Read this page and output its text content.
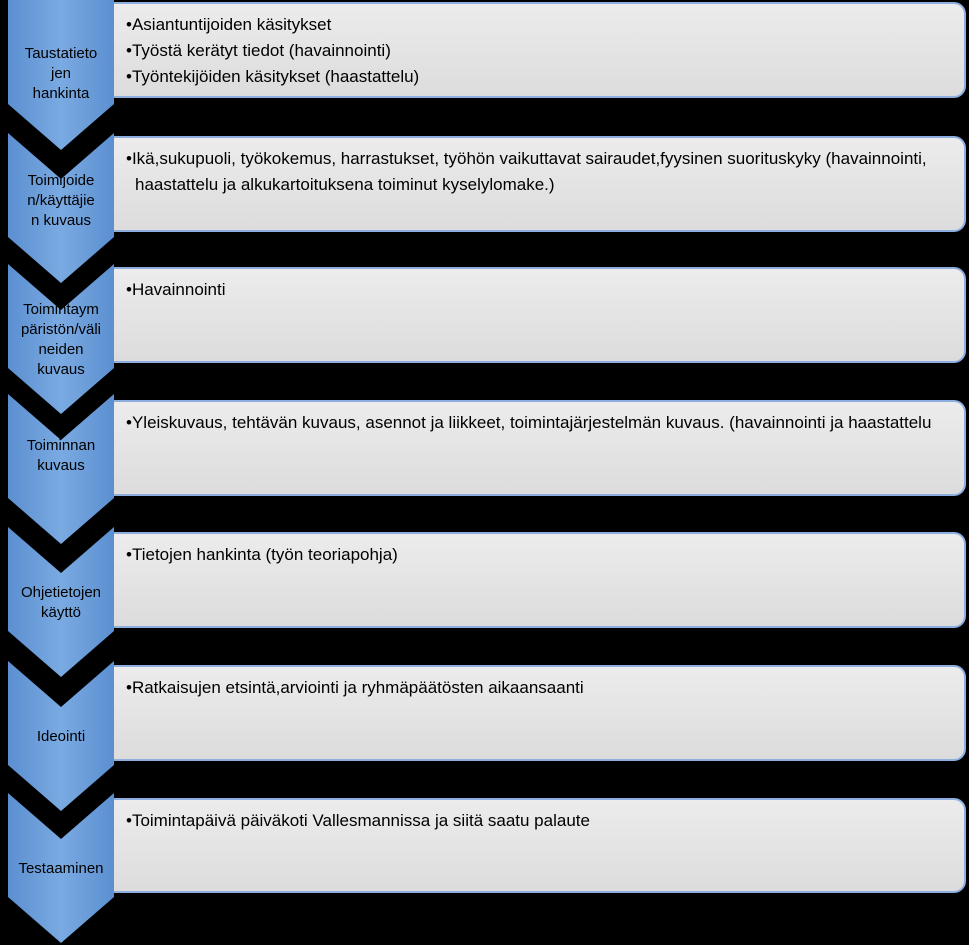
• Asiantuntijoiden käsitykset
• Työstä kerätyt tiedot (havainnointi)
• Työntekijöiden käsitykset (haastattelu)
Taustatieto
jen
hankinta
• Ikä,sukupuoli, työkokemus, harrastukset, työhön vaikuttavat sairaudet,fyysinen suorituskyky (havainnointi, haastattelu ja alkukartoituksena toiminut kyselylomake.)
Toimijoide
n/käyttäjie
n kuvaus
• Havainnointi
Toimintaym
päristön/väli
neiden
kuvaus
• Yleiskuvaus, tehtävän kuvaus, asennot ja liikkeet, toimintajärjestelmän kuvaus. (havainnointi ja haastattelu
Toiminnan
kuvaus
• Tietojen hankinta (työn teoriapohja)
Ohjetietojen
käyttö
• Ratkaisujen etsintä,arviointi ja ryhmäpäätösten aikaansaanti
Ideointi
• Toimintapäivä päiväkoti Vallesmannissa ja siitä saatu palaute
Testaaminen
